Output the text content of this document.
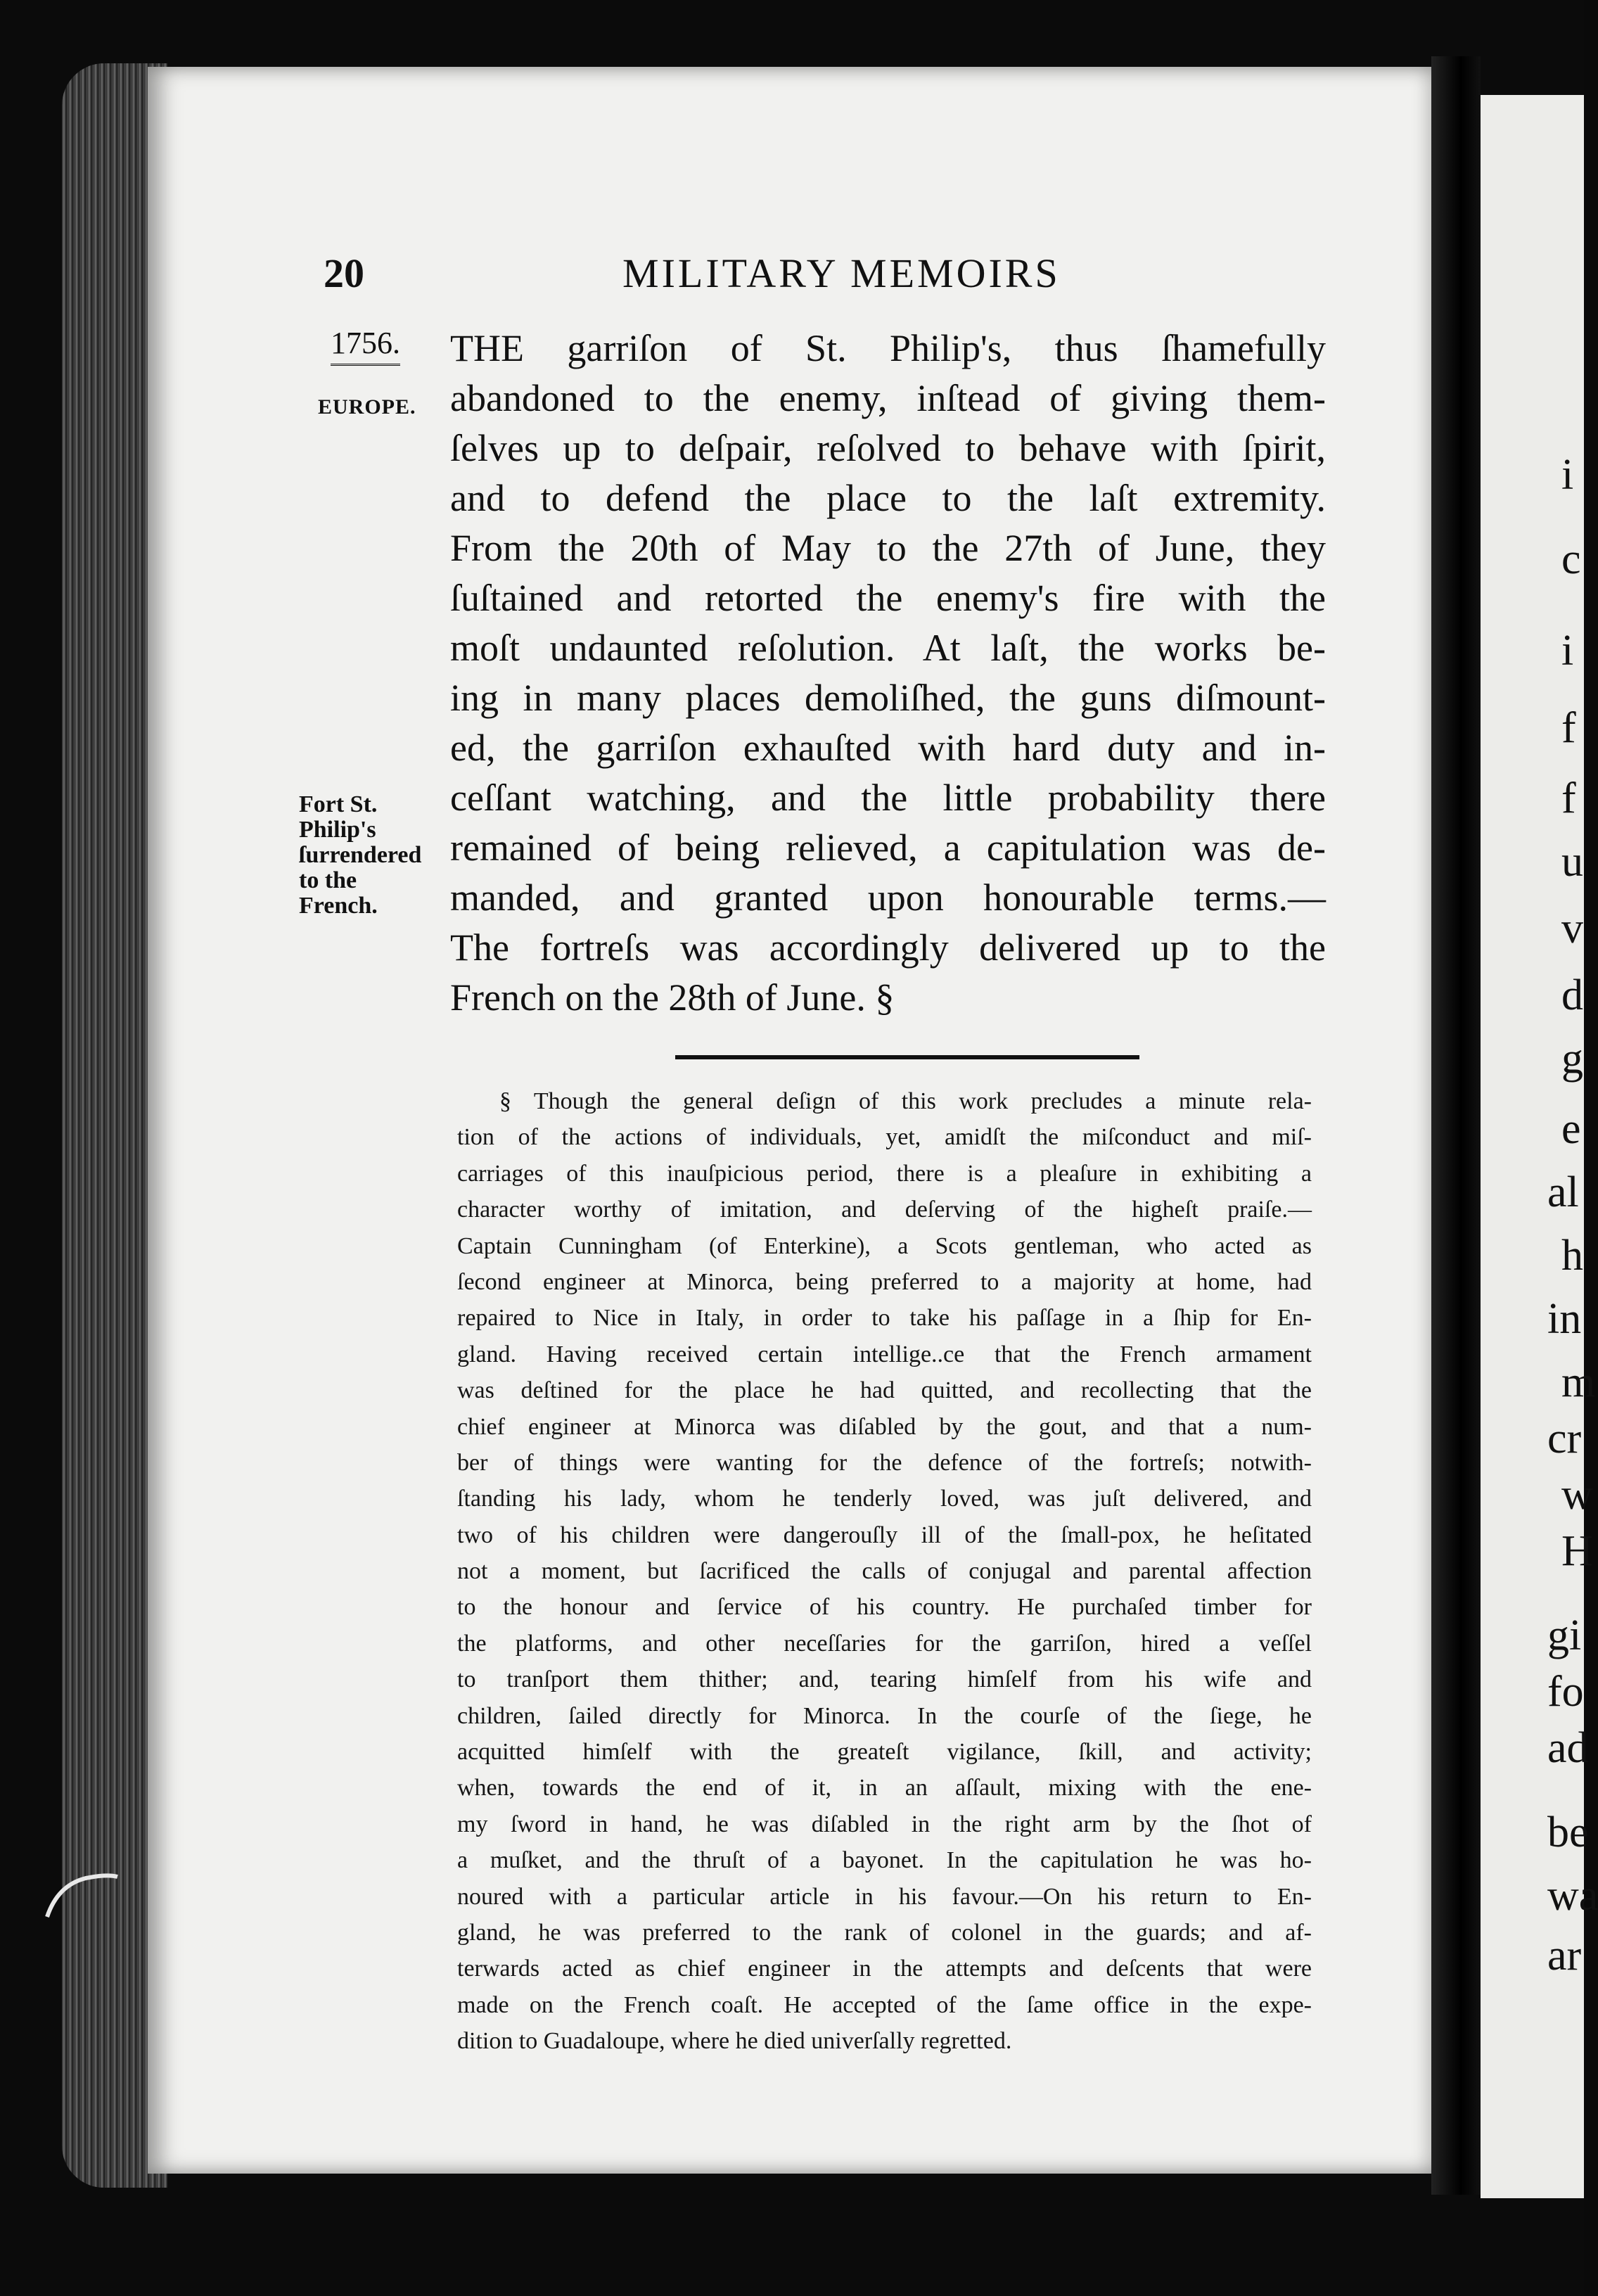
i
c
i
f
f
u
v
d
g
e
al
h
in
m
cr
w
H
gi
fo
ad
be
wa
ar
20	MILITARY MEMOIRS
1756.
EUROPE.
Fort St.
Philip's
ſurrendered
to the
French.
THE garriſon of St. Philip's, thus ſhamefully
abandoned to the enemy, inſtead of giving them-
ſelves up to deſpair, reſolved to behave with ſpirit,
and to defend the place to the laſt extremity.
From the 20th of May to the 27th of June, they
ſuſtained and retorted the enemy's fire with the
moſt undaunted reſolution. At laſt, the works be-
ing in many places demoliſhed, the guns diſmount-
ed, the garriſon exhauſted with hard duty and in-
ceſſant watching, and the little probability there
remained of being relieved, a capitulation was de-
manded, and granted upon honourable terms.—
The fortreſs was accordingly delivered up to the
French on the 28th of June. §
§ Though the general deſign of this work precludes a minute rela-
tion of the actions of individuals, yet, amidſt the miſconduct and miſ-
carriages of this inauſpicious period, there is a pleaſure in exhibiting a
character worthy of imitation, and deſerving of the higheſt praiſe.—
Captain Cunningham (of Enterkine), a Scots gentleman, who acted as
ſecond engineer at Minorca, being preferred to a majority at home, had
repaired to Nice in Italy, in order to take his paſſage in a ſhip for En-
gland. Having received certain intellige..ce that the French armament
was deſtined for the place he had quitted, and recollecting that the
chief engineer at Minorca was diſabled by the gout, and that a num-
ber of things were wanting for the defence of the fortreſs; notwith-
ſtanding his lady, whom he tenderly loved, was juſt delivered, and
two of his children were dangerouſly ill of the ſmall-pox, he heſitated
not a moment, but ſacrificed the calls of conjugal and parental affection
to the honour and ſervice of his country. He purchaſed timber for
the platforms, and other neceſſaries for the garriſon, hired a veſſel
to tranſport them thither; and, tearing himſelf from his wife and
children, ſailed directly for Minorca. In the courſe of the ſiege, he
acquitted himſelf with the greateſt vigilance, ſkill, and activity;
when, towards the end of it, in an aſſault, mixing with the ene-
my ſword in hand, he was diſabled in the right arm by the ſhot of
a muſket, and the thruſt of a bayonet. In the capitulation he was ho-
noured with a particular article in his favour.—On his return to En-
gland, he was preferred to the rank of colonel in the guards; and af-
terwards acted as chief engineer in the attempts and deſcents that were
made on the French coaſt. He accepted of the ſame office in the expe-
dition to Guadaloupe, where he died univerſally regretted.
